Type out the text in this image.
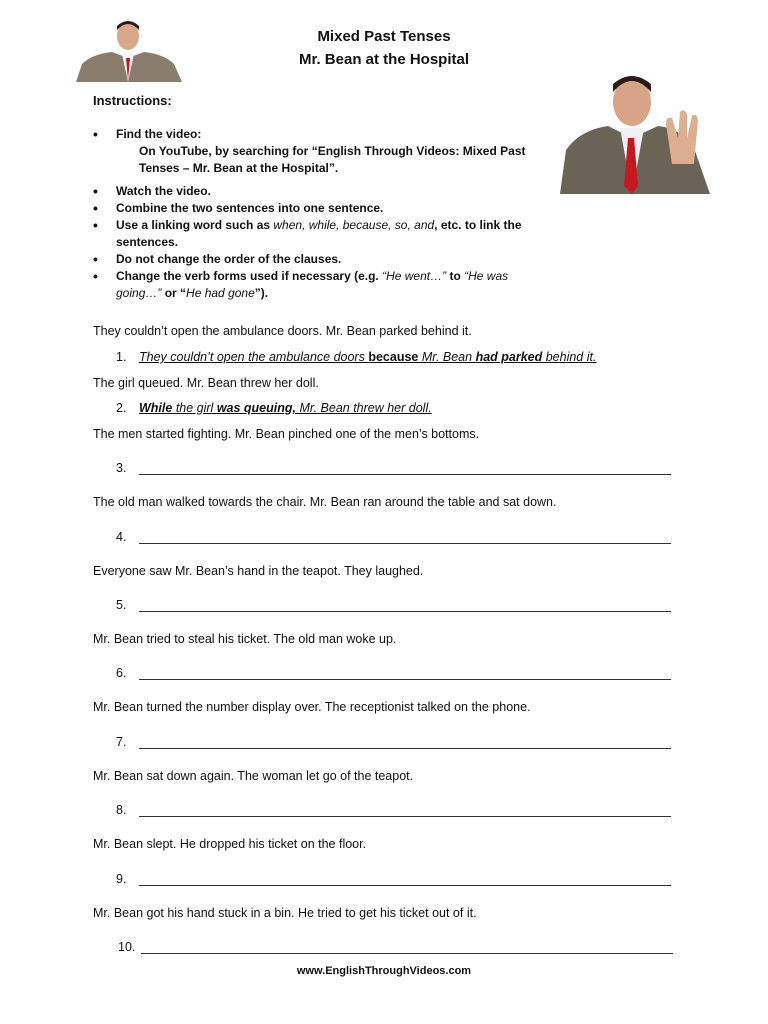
Mixed Past Tenses
Mr. Bean at the Hospital
Instructions:
• Find the video:
On YouTube, by searching for “English Through Videos: Mixed Past
Tenses – Mr. Bean at the Hospital”.
• Watch the video.
• Combine the two sentences into one sentence.
• Use a linking word such as when, while, because, so, and, etc. to link the sentences.
• Do not change the order of the clauses.
• Change the verb forms used if necessary (e.g. “He went…” to “He was going…” or “He had gone”).
They couldn’t open the ambulance doors. Mr. Bean parked behind it.
1. They couldn’t open the ambulance doors because Mr. Bean had parked behind it.
The girl queued. Mr. Bean threw her doll.
2. While the girl was queuing, Mr. Bean threw her doll.
The men started fighting. Mr. Bean pinched one of the men’s bottoms.
3.
The old man walked towards the chair. Mr. Bean ran around the table and sat down.
4.
Everyone saw Mr. Bean’s hand in the teapot. They laughed.
5.
Mr. Bean tried to steal his ticket. The old man woke up.
6.
Mr. Bean turned the number display over. The receptionist talked on the phone.
7.
Mr. Bean sat down again. The woman let go of the teapot.
8.
Mr. Bean slept. He dropped his ticket on the floor.
9.
Mr. Bean got his hand stuck in a bin. He tried to get his ticket out of it.
10.
www.EnglishThroughVideos.com
